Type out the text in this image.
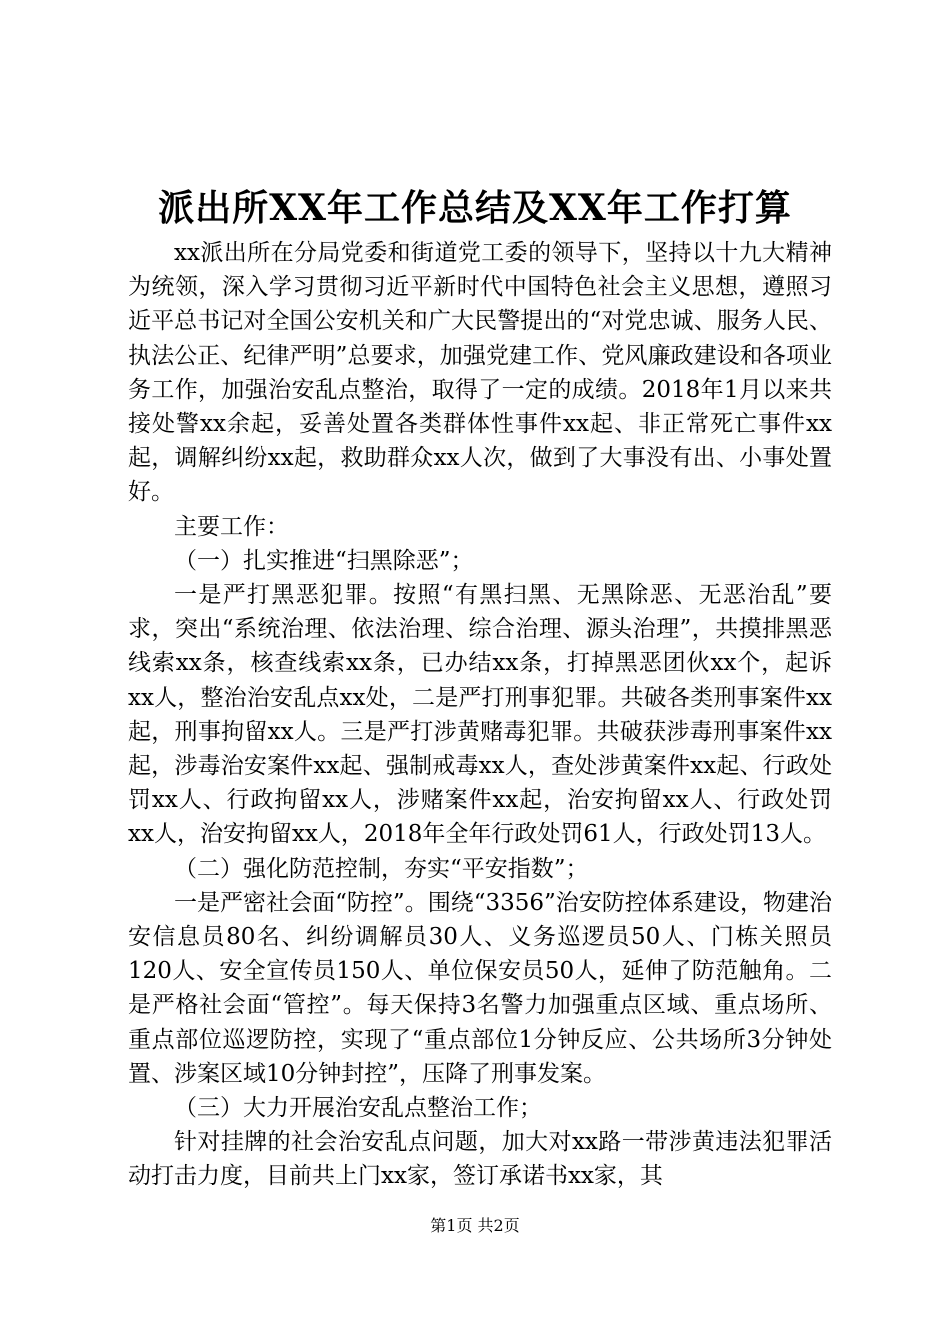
派出所XX年工作总结及XX年工作打算

xx派出所在分局党委和街道党工委的领导下，坚持以十九大精神为统领，深入学习贯彻习近平新时代中国特色社会主义思想，遵照习近平总书记对全国公安机关和广大民警提出的“对党忠诚、服务人民、执法公正、纪律严明”总要求，加强党建工作、党风廉政建设和各项业务工作，加强治安乱点整治，取得了一定的成绩。2018年1月以来共接处警xx余起，妥善处置各类群体性事件xx起、非正常死亡事件xx起，调解纠纷xx起，救助群众xx人次，做到了大事没有出、小事处置好。

主要工作：

（一）扎实推进“扫黑除恶”；

一是严打黑恶犯罪。按照“有黑扫黑、无黑除恶、无恶治乱”要求，突出“系统治理、依法治理、综合治理、源头治理”，共摸排黑恶线索xx条，核查线索xx条，已办结xx条，打掉黑恶团伙xx个，起诉xx人，整治治安乱点xx处，二是严打刑事犯罪。共破各类刑事案件xx起，刑事拘留xx人。三是严打涉黄赌毒犯罪。共破获涉毒刑事案件xx起，涉毒治安案件xx起、强制戒毒xx人，查处涉黄案件xx起、行政处罚xx人、行政拘留xx人，涉赌案件xx起，治安拘留xx人、行政处罚xx人，治安拘留xx人，2018年全年行政处罚61人，行政处罚13人。

（二）强化防范控制，夯实“平安指数”；

一是严密社会面“防控”。围绕“3356”治安防控体系建设，物建治安信息员80名、纠纷调解员30人、义务巡逻员50人、门栋关照员120人、安全宣传员150人、单位保安员50人，延伸了防范触角。二是严格社会面“管控”。每天保持3名警力加强重点区域、重点场所、重点部位巡逻防控，实现了“重点部位1分钟反应、公共场所3分钟处置、涉案区域10分钟封控”，压降了刑事发案。

（三）大力开展治安乱点整治工作；

针对挂牌的社会治安乱点问题，加大对xx路一带涉黄违法犯罪活动打击力度，目前共上门xx家，签订承诺书xx家，其

第1页 共2页
